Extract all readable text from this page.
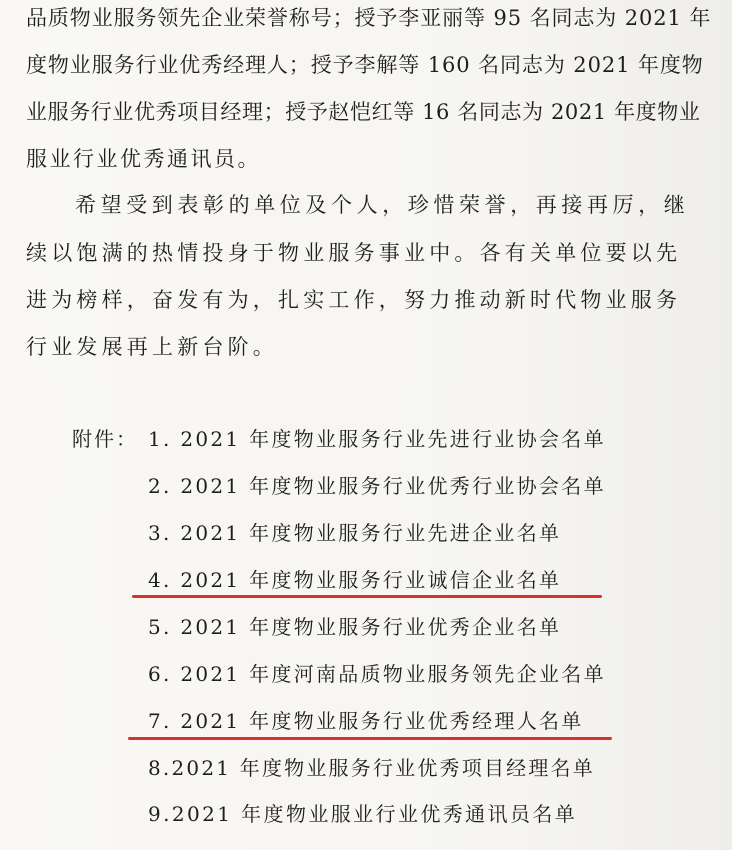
品质物业服务领先企业荣誉称号；授予李亚丽等 95 名同志为 2021 年
度物业服务行业优秀经理人；授予李解等 160 名同志为 2021 年度物
业服务行业优秀项目经理；授予赵恺红等 16 名同志为 2021 年度物业
服业行业优秀通讯员。
希望受到表彰的单位及个人，珍惜荣誉，再接再厉，继
续以饱满的热情投身于物业服务事业中。各有关单位要以先
进为榜样，奋发有为，扎实工作，努力推动新时代物业服务
行业发展再上新台阶。
附件： 1. 2021 年度物业服务行业先进行业协会名单
2. 2021 年度物业服务行业优秀行业协会名单
3. 2021 年度物业服务行业先进企业名单
4. 2021 年度物业服务行业诚信企业名单
5. 2021 年度物业服务行业优秀企业名单
6. 2021 年度河南品质物业服务领先企业名单
7. 2021 年度物业服务行业优秀经理人名单
8.2021 年度物业服务行业优秀项目经理名单
9.2021 年度物业服业行业优秀通讯员名单
